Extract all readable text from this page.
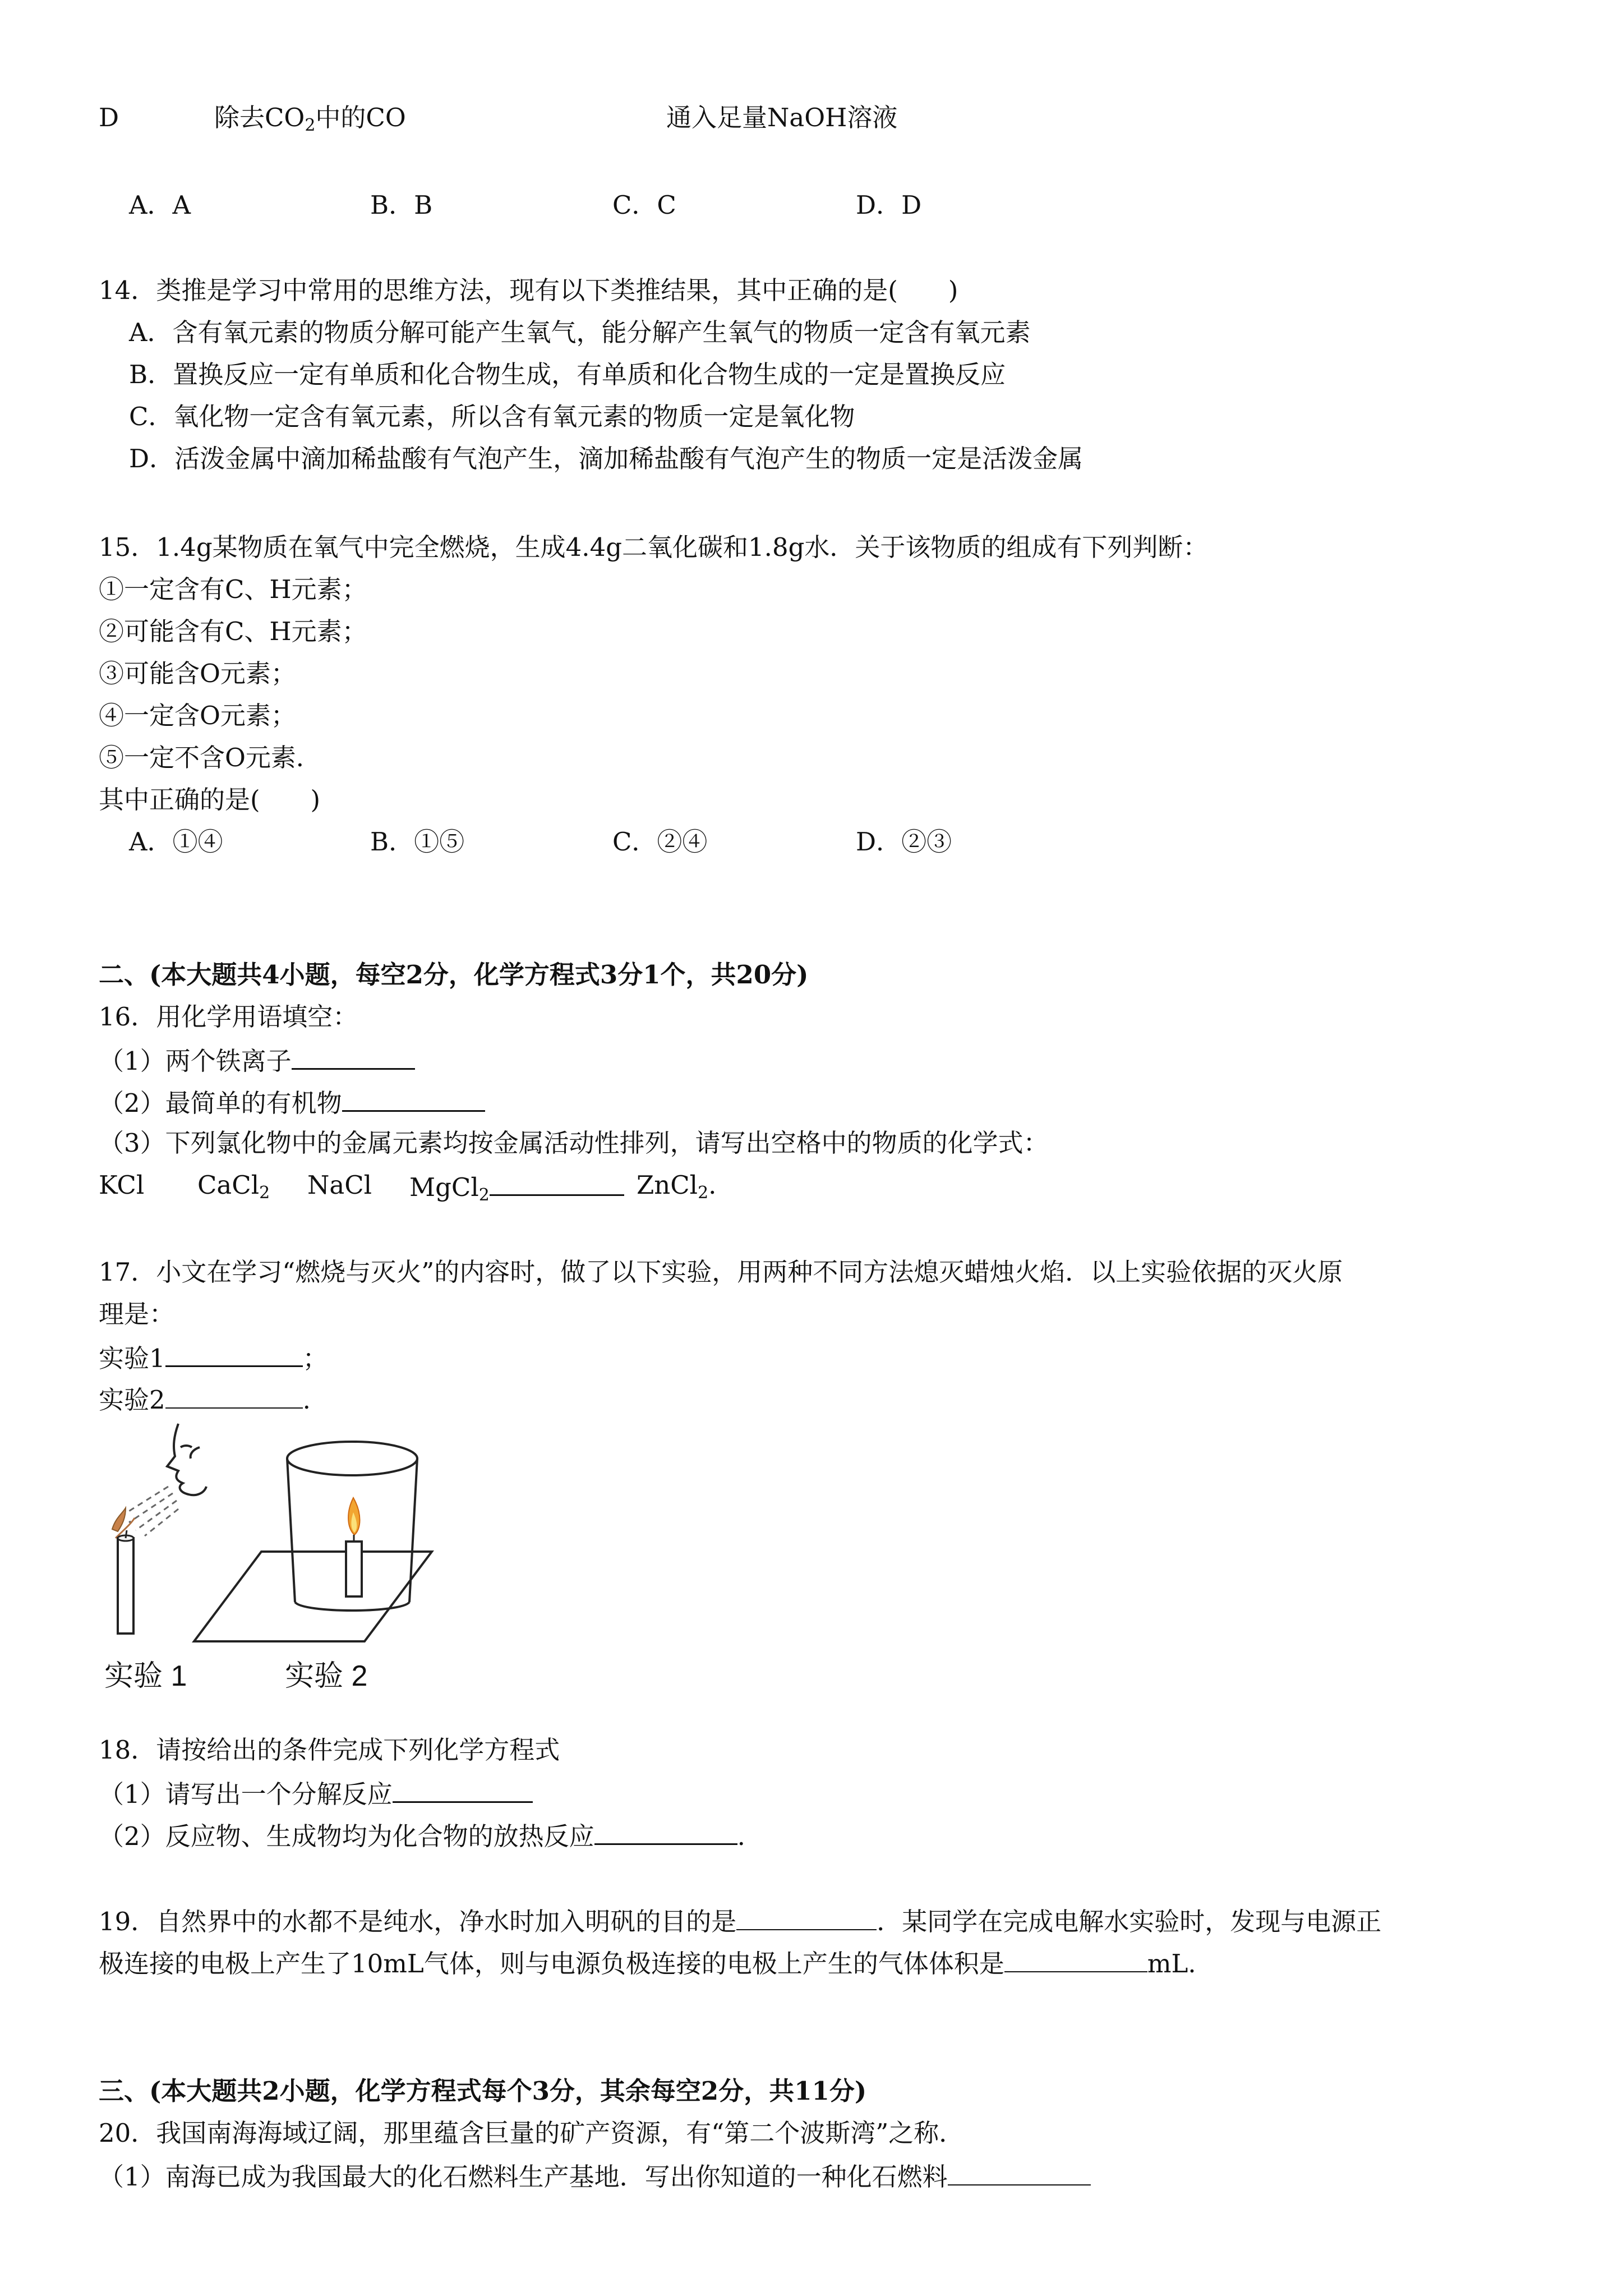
D	除去$CO_2$中的CO	通入足量NaOH溶液
A．A	B．B	C．C	D．D
14．类推是学习中常用的思维方法，现有以下类推结果，其中正确的是(　　)
A．含有氧元素的物质分解可能产生氧气，能分解产生氧气的物质一定含有氧元素
B．置换反应一定有单质和化合物生成，有单质和化合物生成的一定是置换反应
C．氧化物一定含有氧元素，所以含有氧元素的物质一定是氧化物
D．活泼金属中滴加稀盐酸有气泡产生，滴加稀盐酸有气泡产生的物质一定是活泼金属
15．1.4g某物质在氧气中完全燃烧，生成4.4g二氧化碳和1.8g水．关于该物质的组成有下列判断：
①一定含有C、H元素；
②可能含有C、H元素；
③可能含O元素；
④一定含O元素；
⑤一定不含O元素．
其中正确的是(　　)
A．①④	B．①⑤	C．②④	D．②③
二、(本大题共4小题，每空2分，化学方程式3分1个，共20分)
16．用化学用语填空：
（1）两个铁离子
（2）最简单的有机物
（3）下列氯化物中的金属元素均按金属活动性排列，请写出空格中的物质的化学式：
KCl CaCl$_2$ NaCl MgCl$_2$	ZnCl$_2$.
17．小文在学习“燃烧与灭火”的内容时，做了以下实验，用两种不同方法熄灭蜡烛火焰．以上实验依据的灭火原
理是：
实验1	；
实验2	.
实验 1	实验 2
18．请按给出的条件完成下列化学方程式
（1）请写出一个分解反应
（2）反应物、生成物均为化合物的放热反应	.
19．自然界中的水都不是纯水，净水时加入明矾的目的是	．某同学在完成电解水实验时，发现与电源正
极连接的电极上产生了10mL气体，则与电源负极连接的电极上产生的气体体积是	mL.
三、(本大题共2小题，化学方程式每个3分，其余每空2分，共11分)
20．我国南海海域辽阔，那里蕴含巨量的矿产资源，有“第二个波斯湾”之称．
（1）南海已成为我国最大的化石燃料生产基地．写出你知道的一种化石燃料
